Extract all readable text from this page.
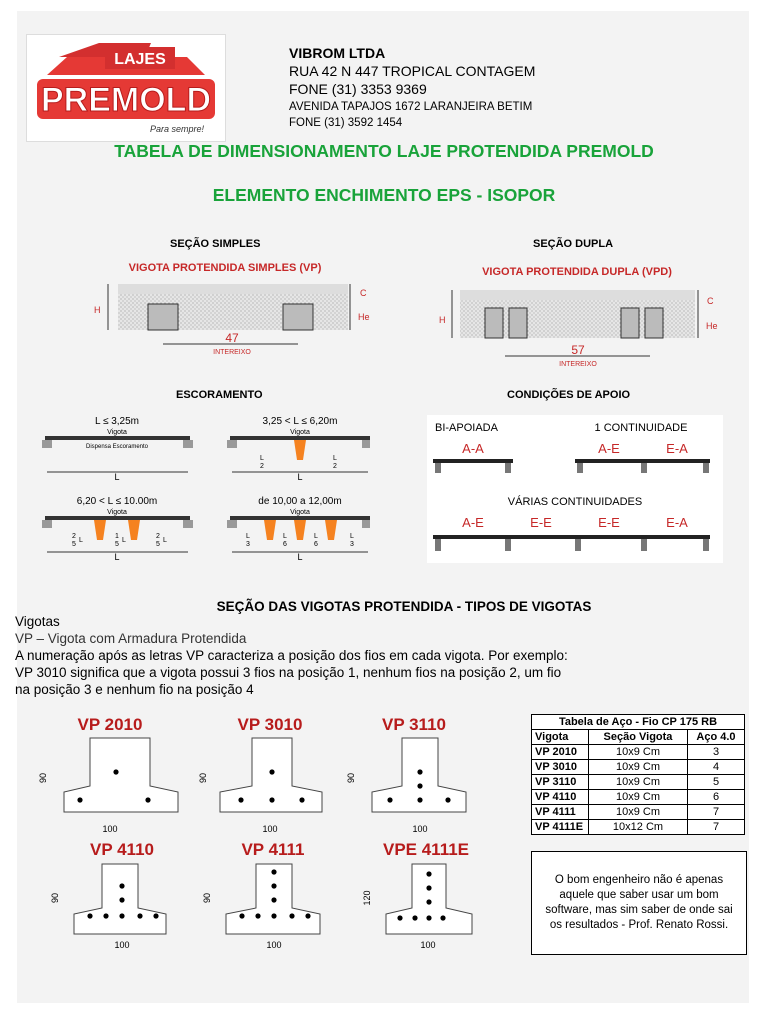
LAJES
PREMOLD
Para sempre!
VIBROM LTDA
RUA 42 N 447 TROPICAL CONTAGEM
FONE (31) 3353 9369
AVENIDA TAPAJOS 1672 LARANJEIRA BETIM
FONE (31) 3592 1454
TABELA DE DIMENSIONAMENTO LAJE PROTENDIDA PREMOLD
ELEMENTO ENCHIMENTO EPS - ISOPOR
SEÇÃO SIMPLES	SEÇÃO DUPLA
ESCORAMENTO	CONDIÇÕES DE APOIO
VIGOTA PROTENDIDA SIMPLES (VP)
H
C
He
47
INTEREIXO
VIGOTA PROTENDIDA DUPLA (VPD)
H
C
He
57
INTEREIXO
L ≤ 3,25m
Vigota
Dispensa Escoramento
L
3,25 < L ≤ 6,20m
Vigota
L
2
L
2
L
6,20 < L ≤ 10.00m
Vigota
2
5
L
1
5
L
2
5
L
L
de 10,00 a 12,00m
Vigota
L
3
L
6
L
6
L
3
L
BI-APOIADA	1 CONTINUIDADE
A-A	A-E	E-A
VÁRIAS CONTINUIDADES
A-E	E-E	E-E	E-A
SEÇÃO DAS VIGOTAS PROTENDIDA - TIPOS DE VIGOTAS
Vigotas
VP – Vigota com Armadura Protendida
A numeração após as letras VP caracteriza a posição dos fios em cada vigota. Por exemplo:
VP 3010 significa que a vigota possui 3 fios na posição 1, nenhum fios na posição 2, um fio
na posição 3 e nenhum fio na posição 4
VP 2010
90
100
VP 3010
90
100
VP 3110
90
100
VP 4110
90
100
VP 4111
90
100
VPE 4111E
120
100
Tabela de Aço - Fio CP 175 RB		
Vigota	Seção Vigota	Aço 4.0
VP 2010	10x9 Cm	3
VP 3010	10x9 Cm	4
VP 3110	10x9 Cm	5
VP 4110	10x9 Cm	6
VP 4111	10x9 Cm	7
VP 4111E	10x12 Cm	7
O bom engenheiro não é apenas aquele que saber usar um bom software, mas sim saber de onde sai os resultados - Prof. Renato Rossi.
